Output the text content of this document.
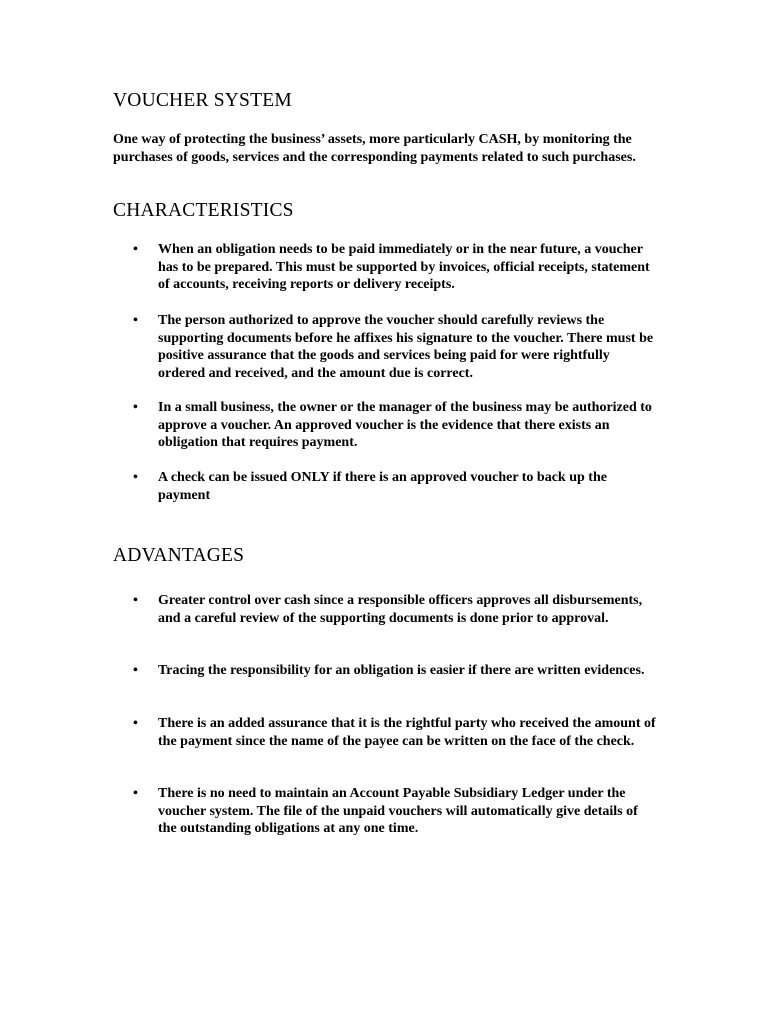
VOUCHER SYSTEM

One way of protecting the business’ assets, more particularly CASH, by monitoring the purchases of goods, services and the corresponding payments related to such purchases.

CHARACTERISTICS
• When an obligation needs to be paid immediately or in the near future, a voucher has to be prepared. This must be supported by invoices, official receipts, statement of accounts, receiving reports or delivery receipts.
• The person authorized to approve the voucher should carefully reviews the supporting documents before he affixes his signature to the voucher. There must be positive assurance that the goods and services being paid for were rightfully ordered and received, and the amount due is correct.
• In a small business, the owner or the manager of the business may be authorized to approve a voucher. An approved voucher is the evidence that there exists an obligation that requires payment.
• A check can be issued ONLY if there is an approved voucher to back up the payment
ADVANTAGES
• Greater control over cash since a responsible officers approves all disbursements, and a careful review of the supporting documents is done prior to approval.
• Tracing the responsibility for an obligation is easier if there are written evidences.
• There is an added assurance that it is the rightful party who received the amount of the payment since the name of the payee can be written on the face of the check.
• There is no need to maintain an Account Payable Subsidiary Ledger under the voucher system. The file of the unpaid vouchers will automatically give details of the outstanding obligations at any one time.
